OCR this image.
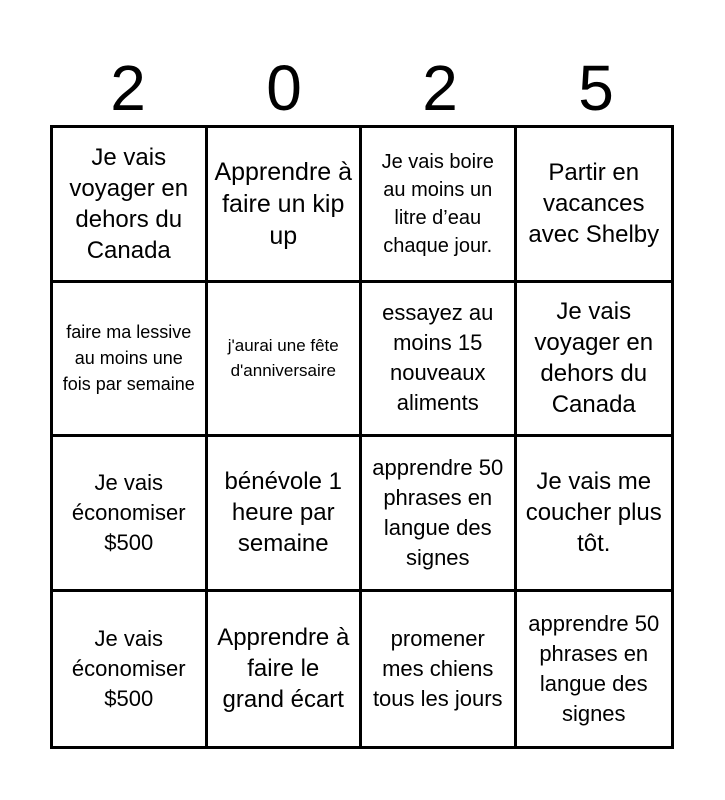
2	0	2	5
Je vais voyager en dehors du Canada
Apprendre à faire un kip up
Je vais boire au moins un litre d’eau chaque jour.
Partir en vacances avec Shelby
faire ma lessive au moins une fois par semaine
j'aurai une fête d'anniversaire
essayez au moins 15 nouveaux aliments
Je vais voyager en dehors du Canada
Je vais économiser $500
bénévole 1 heure par semaine
apprendre 50 phrases en langue des signes
Je vais me coucher plus tôt.
Je vais économiser $500
Apprendre à faire le grand écart
promener mes chiens tous les jours
apprendre 50 phrases en langue des signes
